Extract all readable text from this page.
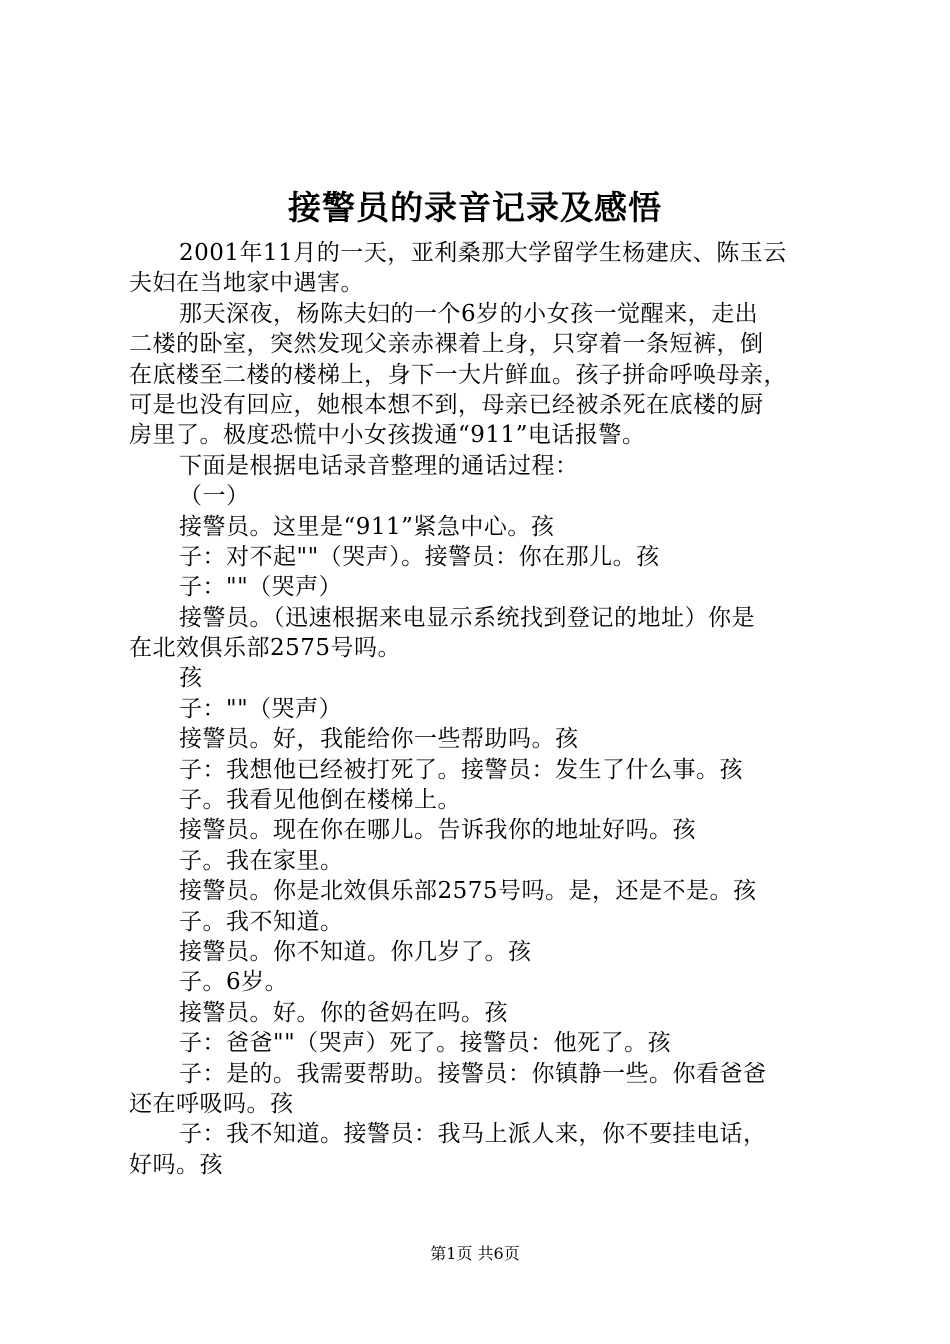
接警员的录音记录及感悟
2001年11月的一天，亚利桑那大学留学生杨建庆、陈玉云
夫妇在当地家中遇害。
那天深夜，杨陈夫妇的一个6岁的小女孩一觉醒来，走出
二楼的卧室，突然发现父亲赤裸着上身，只穿着一条短裤，倒
在底楼至二楼的楼梯上，身下一大片鲜血。孩子拼命呼唤母亲，
可是也没有回应，她根本想不到，母亲已经被杀死在底楼的厨
房里了。极度恐慌中小女孩拨通“911”电话报警。
下面是根据电话录音整理的通话过程：
（一）
接警员。这里是“911”紧急中心。孩
子：对不起""（哭声）。接警员：你在那儿。孩
子：""（哭声）
接警员。（迅速根据来电显示系统找到登记的地址）你是
在北效俱乐部2575号吗。
孩
子：""（哭声）
接警员。好，我能给你一些帮助吗。孩
子：我想他已经被打死了。接警员：发生了什么事。孩
子。我看见他倒在楼梯上。
接警员。现在你在哪儿。告诉我你的地址好吗。孩
子。我在家里。
接警员。你是北效俱乐部2575号吗。是，还是不是。孩
子。我不知道。
接警员。你不知道。你几岁了。孩
子。6岁。
接警员。好。你的爸妈在吗。孩
子：爸爸""（哭声）死了。接警员：他死了。孩
子：是的。我需要帮助。接警员：你镇静一些。你看爸爸
还在呼吸吗。孩
子：我不知道。接警员：我马上派人来，你不要挂电话，
好吗。孩
第1页 共6页
